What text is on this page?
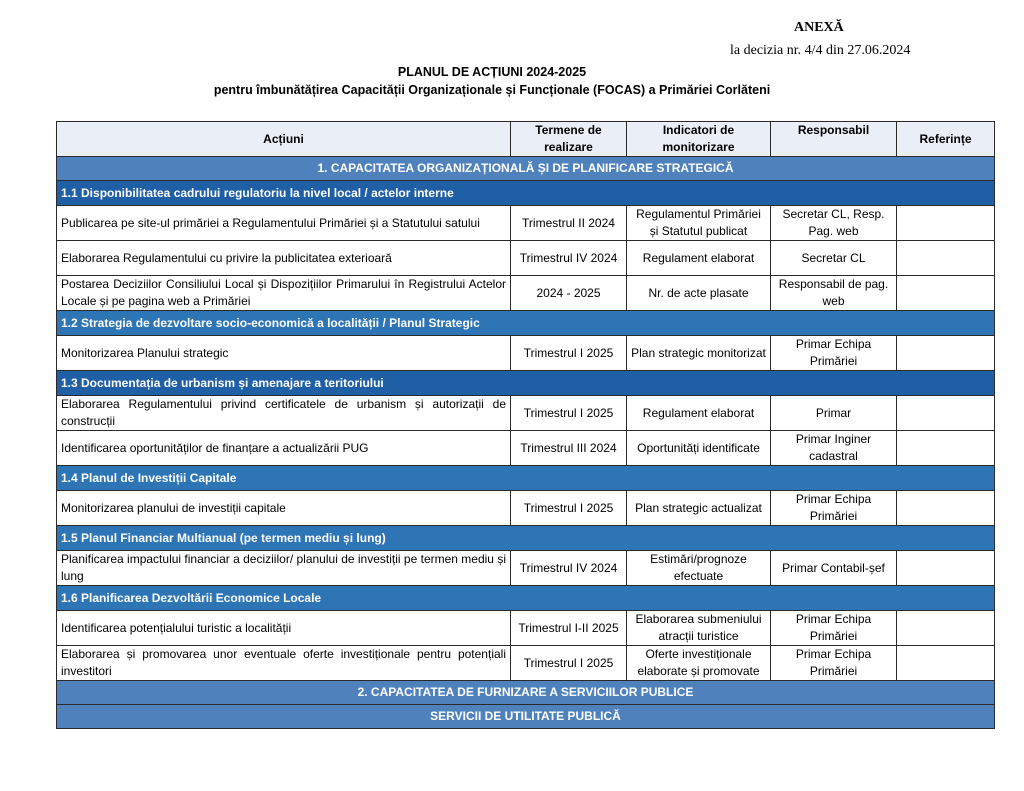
ANEXĂ
la decizia nr. 4/4 din 27.06.2024
PLANUL DE ACȚIUNI 2024-2025
pentru îmbunătățirea Capacității Organizaționale și Funcționale (FOCAS) a Primăriei Corlăteni
Acțiuni	Termene de realizare	Indicatori de monitorizare	Responsabil	Referințe
1. CAPACITATEA ORGANIZAȚIONALĂ ȘI DE PLANIFICARE STRATEGICĂ				
1.1 Disponibilitatea cadrului regulatoriu la nivel local / actelor interne				
Publicarea pe site-ul primăriei a Regulamentului Primăriei și a Statutului satului	Trimestrul II 2024	Regulamentul Primăriei și Statutul publicat	Secretar CL, Resp. Pag. web	
Elaborarea Regulamentului cu privire la publicitatea exterioară	Trimestrul IV 2024	Regulament elaborat	Secretar CL	
Postarea Deciziilor Consiliului Local și Dispozițiilor Primarului în Registrului Actelor Locale și pe pagina web a Primăriei	2024 - 2025	Nr. de acte plasate	Responsabil de pag. web	
1.2 Strategia de dezvoltare socio-economică a localității / Planul Strategic				
Monitorizarea Planului strategic	Trimestrul I 2025	Plan strategic monitorizat	Primar Echipa Primăriei	
1.3 Documentația de urbanism și amenajare a teritoriului				
Elaborarea Regulamentului privind certificatele de urbanism și autorizații de construcții	Trimestrul I 2025	Regulament elaborat	Primar	
Identificarea oportunităților de finanțare a actualizării PUG	Trimestrul III 2024	Oportunități identificate	Primar Inginer cadastral	
1.4 Planul de Investiții Capitale				
Monitorizarea planului de investiții capitale	Trimestrul I 2025	Plan strategic actualizat	Primar Echipa Primăriei	
1.5 Planul Financiar Multianual (pe termen mediu și lung)				
Planificarea impactului financiar a deciziilor/ planului de investiții pe termen mediu și lung	Trimestrul IV 2024	Estimări/prognoze efectuate	Primar Contabil-șef	
1.6 Planificarea Dezvoltării Economice Locale				
Identificarea potențialului turistic a localității	Trimestrul I-II 2025	Elaborarea submeniului atracții turistice	Primar Echipa Primăriei	
Elaborarea și promovarea unor eventuale oferte investiționale pentru potențiali investitori	Trimestrul I 2025	Oferte investiționale elaborate și promovate	Primar Echipa Primăriei	
2. CAPACITATEA DE FURNIZARE A SERVICIILOR PUBLICE				
SERVICII DE UTILITATE PUBLICĂ				
